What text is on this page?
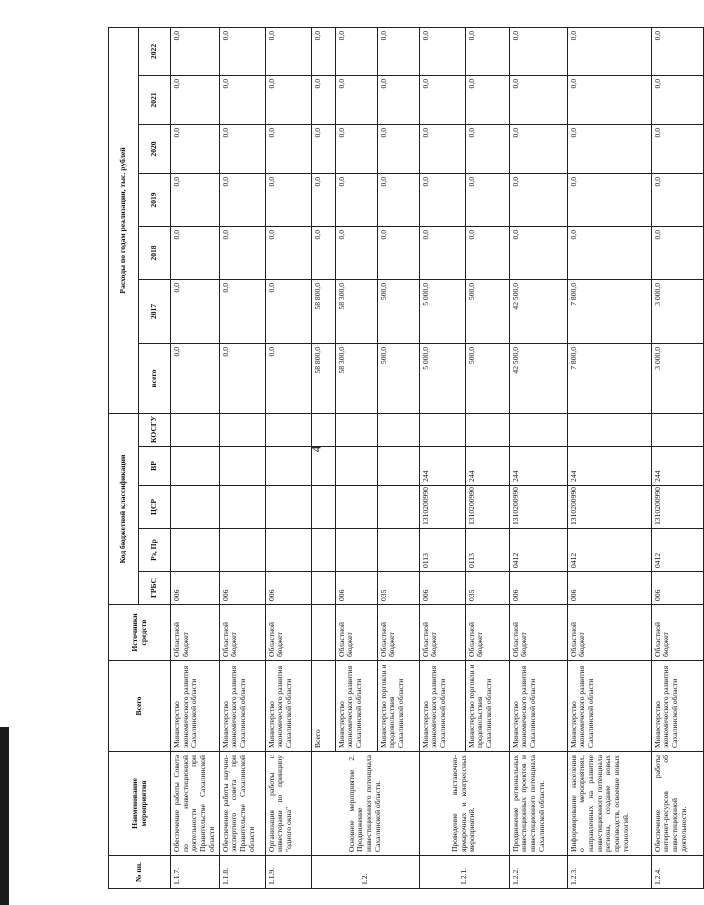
4
№ пп.	Наименование мероприятия	Всего	Источники средств	Код бюджетной классификации					Расходы по годам реализации, тыс. рублей						
				ГРБС	Рз, Пр	ЦСР	ВР	КОСГУ	всего	2017	2018	2019	2020	2021	2022
1.1.7.	Обеспечение работы Совета по инвестиционной деятельности при Правительстве Сахалинской области	Министерство экономического развития Сахалинской области	Областной бюджет	006					0,0	0,0	0,0	0,0	0,0	0,0	0,0
1.1.8.	Обеспечение работы научно-экспертного совета при Правительстве Сахалинской области	Министерство экономического развития Сахалинской области	Областной бюджет	006					0,0	0,0	0,0	0,0	0,0	0,0	0,0
1.1.9.	Организация работы с инвесторами по принципу "одного окна"	Министерство экономического развития Сахалинской области	Областной бюджет	006					0,0	0,0	0,0	0,0	0,0	0,0	0,0
1.2.	Основное мероприятие 2. Продвижение инвестиционного потенциала Сахалинской области.	Всего							58 800,0	58 800,0	0,0	0,0	0,0	0,0	0,0
		Министерство экономического развития Сахалинской области	Областной бюджет	006					58 300,0	58 300,0	0,0	0,0	0,0	0,0	0,0
		Министерство торговли и продовольствия Сахалинской области	Областной бюджет	035					500,0	500,0	0,0	0,0	0,0	0,0	0,0
1.2.1.	Проведение выставочно-ярмарочных и конгрессных мероприятий.	Министерство экономического развития Сахалинской области	Областной бюджет	006	0113	1310200990	244		5 000,0	5 000,0	0,0	0,0	0,0	0,0	0,0
		Министерство торговли и продовольствия Сахалинской области	Областной бюджет	035	0113	1310200990	244		500,0	500,0	0,0	0,0	0,0	0,0	0,0
1.2.2.	Продвижение региональных инвестиционных проектов и инвестиционного потенциала Сахалинской области.	Министерство экономического развития Сахалинской области	Областной бюджет	006	0412	1310200990	244		42 500,0	42 500,0	0,0	0,0	0,0	0,0	0,0
1.2.3.	Информирование населения о мероприятиях, направленных на развитие инвестиционного потенциала региона, создание новых производств, освоение новых технологий.	Министерство экономического развития Сахалинской области	Областной бюджет	006	0412	1310200990	244		7 800,0	7 800,0	0,0	0,0	0,0	0,0	0,0
1.2.4.	Обеспечение работы интернет-ресурсов об инвестиционной деятельности.	Министерство экономического развития Сахалинской области	Областной бюджет	006	0412	1310200990	244		3 000,0	3 000,0	0,0	0,0	0,0	0,0	0,0
